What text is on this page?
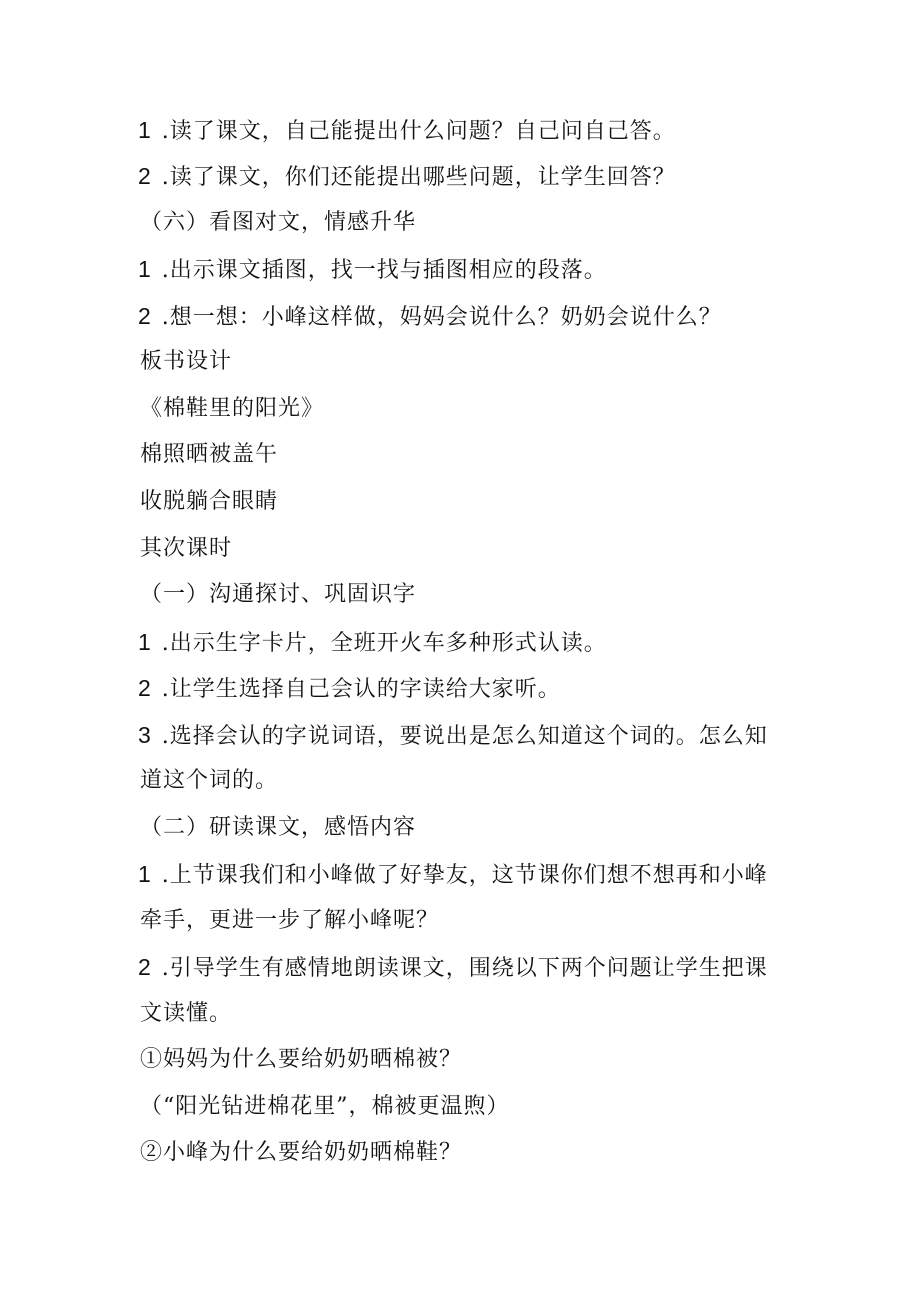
1 .读了课文，自己能提出什么问题？自己问自己答。
2 .读了课文，你们还能提出哪些问题，让学生回答？
（六）看图对文，情感升华
1 .出示课文插图，找一找与插图相应的段落。
2 .想一想：小峰这样做，妈妈会说什么？奶奶会说什么？
板书设计
《棉鞋里的阳光》
棉照晒被盖午
收脱躺合眼睛
其次课时
（一）沟通探讨、巩固识字
1 .出示生字卡片，全班开火车多种形式认读。
2 .让学生选择自己会认的字读给大家听。
3 .选择会认的字说词语，要说出是怎么知道这个词的。怎么知
道这个词的。
（二）研读课文，感悟内容
1 .上节课我们和小峰做了好挚友，这节课你们想不想再和小峰
牵手，更进一步了解小峰呢？
2 .引导学生有感情地朗读课文，围绕以下两个问题让学生把课
文读懂。
①妈妈为什么要给奶奶晒棉被？
（“阳光钻进棉花里”，棉被更温煦）
②小峰为什么要给奶奶晒棉鞋？
